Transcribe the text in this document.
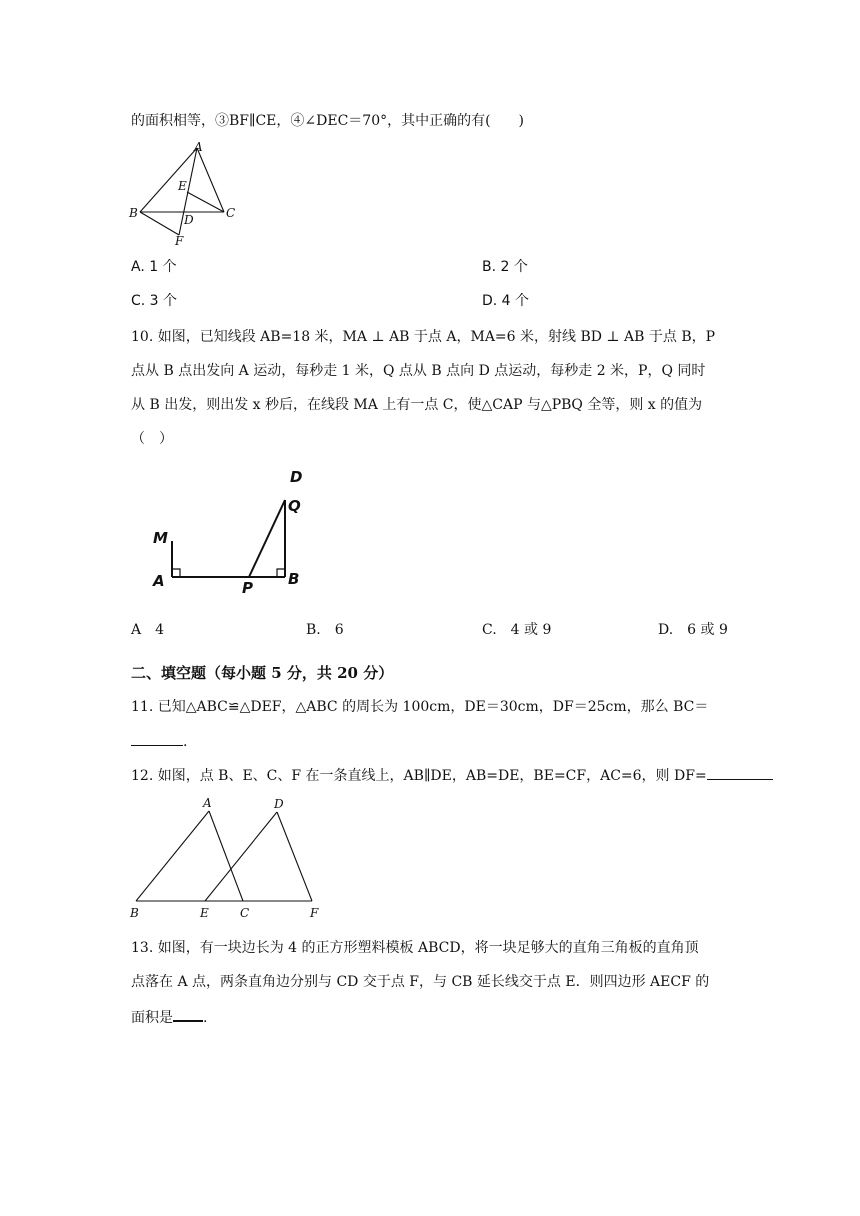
的面积相等，③BF∥CE，④∠DEC＝70°，其中正确的有(　　)
A
B	C
D
E
F
A. 1 个	B. 2 个
C. 3 个	D. 4 个
10. 如图，已知线段 AB=18 米，MA ⊥ AB 于点 A，MA=6 米，射线 BD ⊥ AB 于点 B，P
点从 B 点出发向 A 运动，每秒走 1 米，Q 点从 B 点向 D 点运动，每秒走 2 米，P，Q 同时
从 B 出发，则出发 x 秒后，在线段 MA 上有一点 C，使△CAP 与△PBQ 全等，则 x 的值为
（　）
M
A	P B
Q
D
A　4	B.　6	C.　4 或 9	D.　6 或 9
二、填空题（每小题 5 分，共 20 分）
11. 已知△ABC≌△DEF，△ABC 的周长为 100cm，DE＝30cm，DF＝25cm，那么 BC＝
.
12. 如图，点 B、E、C、F 在一条直线上，AB∥DE，AB=DE，BE=CF，AC=6，则 DF=
A	D
B	E	C	F
13. 如图，有一块边长为 4 的正方形塑料模板 ABCD，将一块足够大的直角三角板的直角顶
点落在 A 点，两条直角边分别与 CD 交于点 F，与 CB 延长线交于点 E．则四边形 AECF 的
面积是 .
